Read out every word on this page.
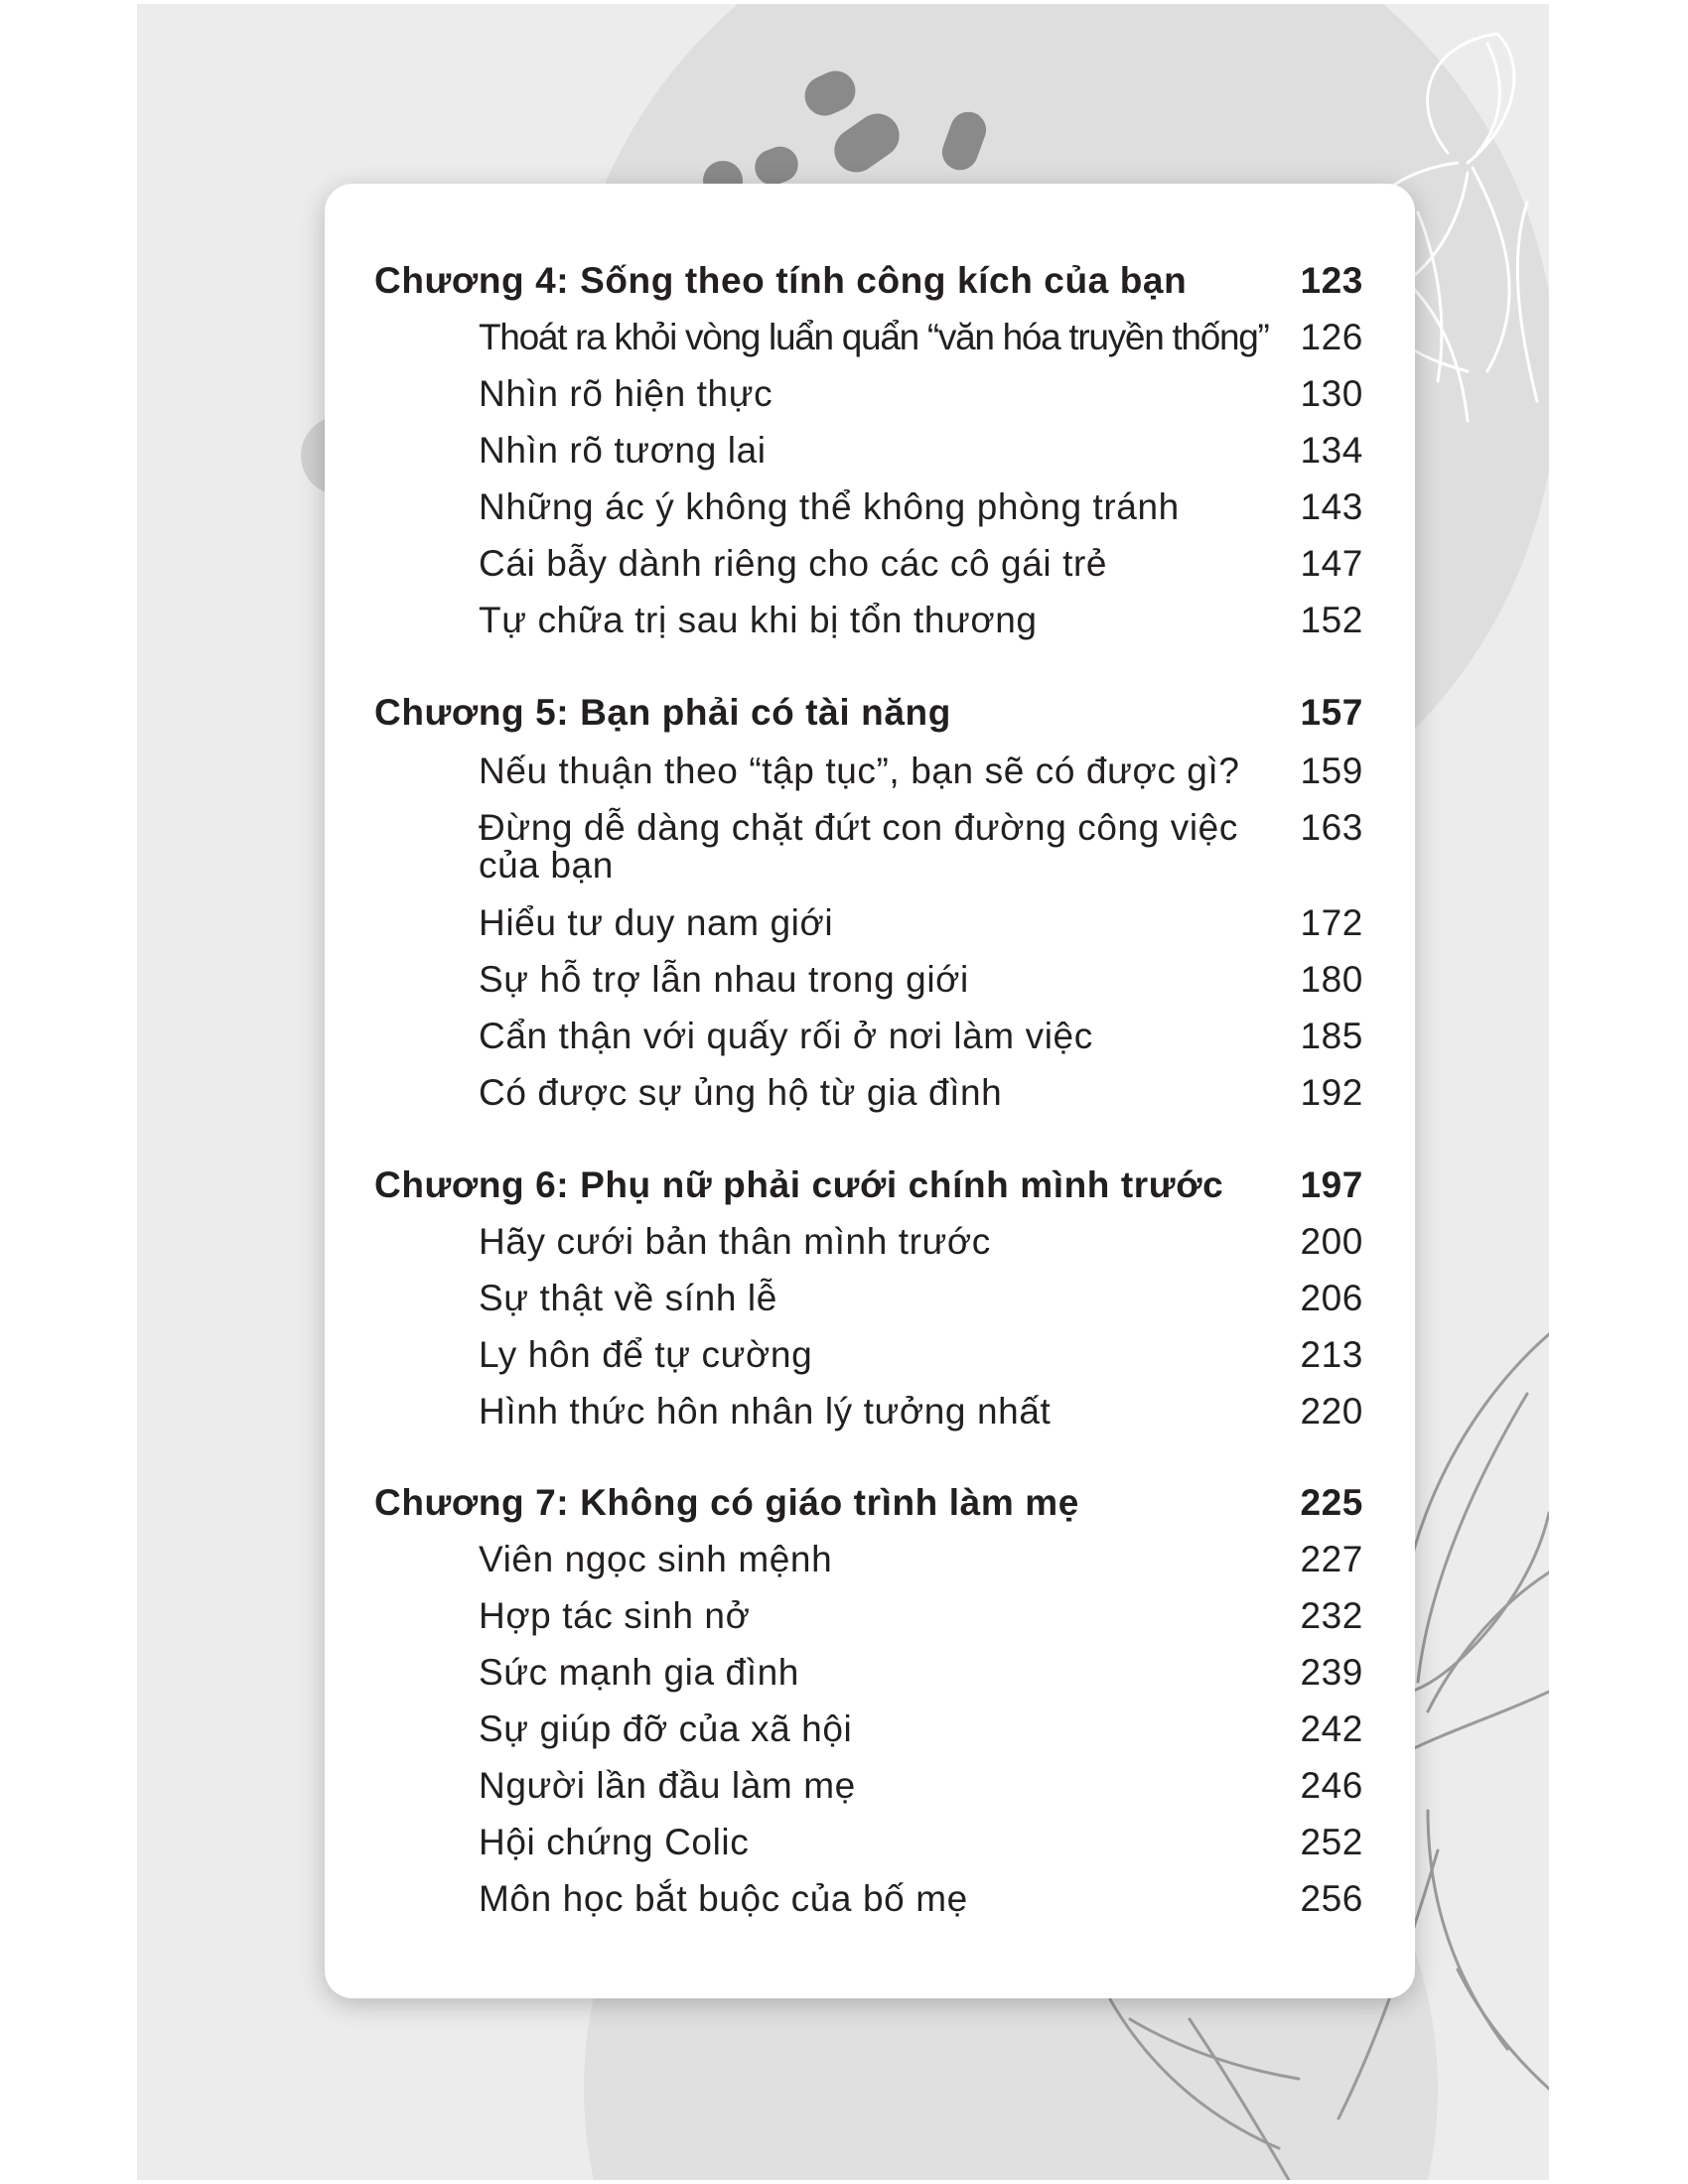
Chương 4: Sống theo tính công kích của bạn	123
Thoát ra khỏi vòng luẩn quẩn “văn hóa truyền thống” 126
Nhìn rõ hiện thực	130
Nhìn rõ tương lai	134
Những ác ý không thể không phòng tránh	143
Cái bẫy dành riêng cho các cô gái trẻ	147
Tự chữa trị sau khi bị tổn thương	152
Chương 5: Bạn phải có tài năng	157
Nếu thuận theo “tập tục”, bạn sẽ có được gì? 159
Đừng dễ dàng chặt đứt con đường công việc của bạn
163
Hiểu tư duy nam giới	172
Sự hỗ trợ lẫn nhau trong giới	180
Cẩn thận với quấy rối ở nơi làm việc	185
Có được sự ủng hộ từ gia đình	192
Chương 6: Phụ nữ phải cưới chính mình trước 197
Hãy cưới bản thân mình trước	200
Sự thật về sính lễ	206
Ly hôn để tự cường	213
Hình thức hôn nhân lý tưởng nhất	220
Chương 7: Không có giáo trình làm mẹ	225
Viên ngọc sinh mệnh	227
Hợp tác sinh nở	232
Sức mạnh gia đình	239
Sự giúp đỡ của xã hội	242
Người lần đầu làm mẹ	246
Hội chứng Colic	252
Môn học bắt buộc của bố mẹ	256
